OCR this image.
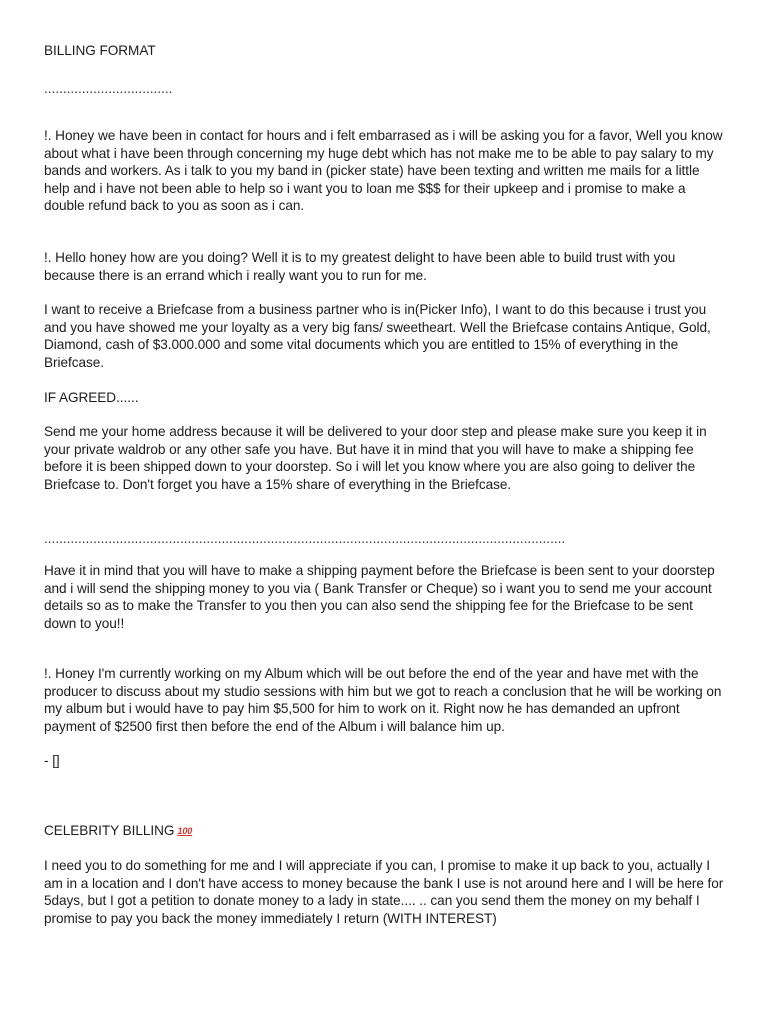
BILLING FORMAT

..................................

!. Honey we have been in contact for hours and i felt embarrased as i will be asking you for a favor, Well you know about what i have been through concerning my huge debt which has not make me to be able to pay salary to my bands and workers. As i talk to you my band in (picker state) have been texting and written me mails for a little help and i have not been able to help so i want you to loan me $$$ for their upkeep and i promise to make a double refund back to you as soon as i can.

!. Hello honey how are you doing? Well it is to my greatest delight to have been able to build trust with you because there is an errand which i really want you to run for me.

I want to receive a Briefcase from a business partner who is in(Picker Info), I want to do this because i trust you and you have showed me your loyalty as a very big fans/ sweetheart. Well the Briefcase contains Antique, Gold, Diamond, cash of $3.000.000 and some vital documents which you are entitled to 15% of everything in the Briefcase.

IF AGREED......

Send me your home address because it will be delivered to your door step and please make sure you keep it in your private waldrob or any other safe you have. But have it in mind that you will have to make a shipping fee before it is been shipped down to your doorstep. So i will let you know where you are also going to deliver the Briefcase to. Don't forget you have a 15% share of everything in the Briefcase.

..........................................................................................................................................

Have it in mind that you will have to make a shipping payment before the Briefcase is been sent to your doorstep and i will send the shipping money to you via ( Bank Transfer or Cheque) so i want you to send me your account details so as to make the Transfer to you then you can also send the shipping fee for the Briefcase to be sent down to you!!

!. Honey I'm currently working on my Album which will be out before the end of the year and have met with the producer to discuss about my studio sessions with him but we got to reach a conclusion that he will be working on my album but i would have to pay him $5,500 for him to work on it. Right now he has demanded an upfront payment of $2500 first then before the end of the Album i will balance him up.

- []

CELEBRITY BILLING 100

I need you to do something for me and I will appreciate if you can, I promise to make it up back to you, actually I am in a location and I don't have access to money because the bank I use is not around here and I will be here for 5days, but I got a petition to donate money to a lady in state.... .. can you send them the money on my behalf I promise to pay you back the money immediately I return (WITH INTEREST)
